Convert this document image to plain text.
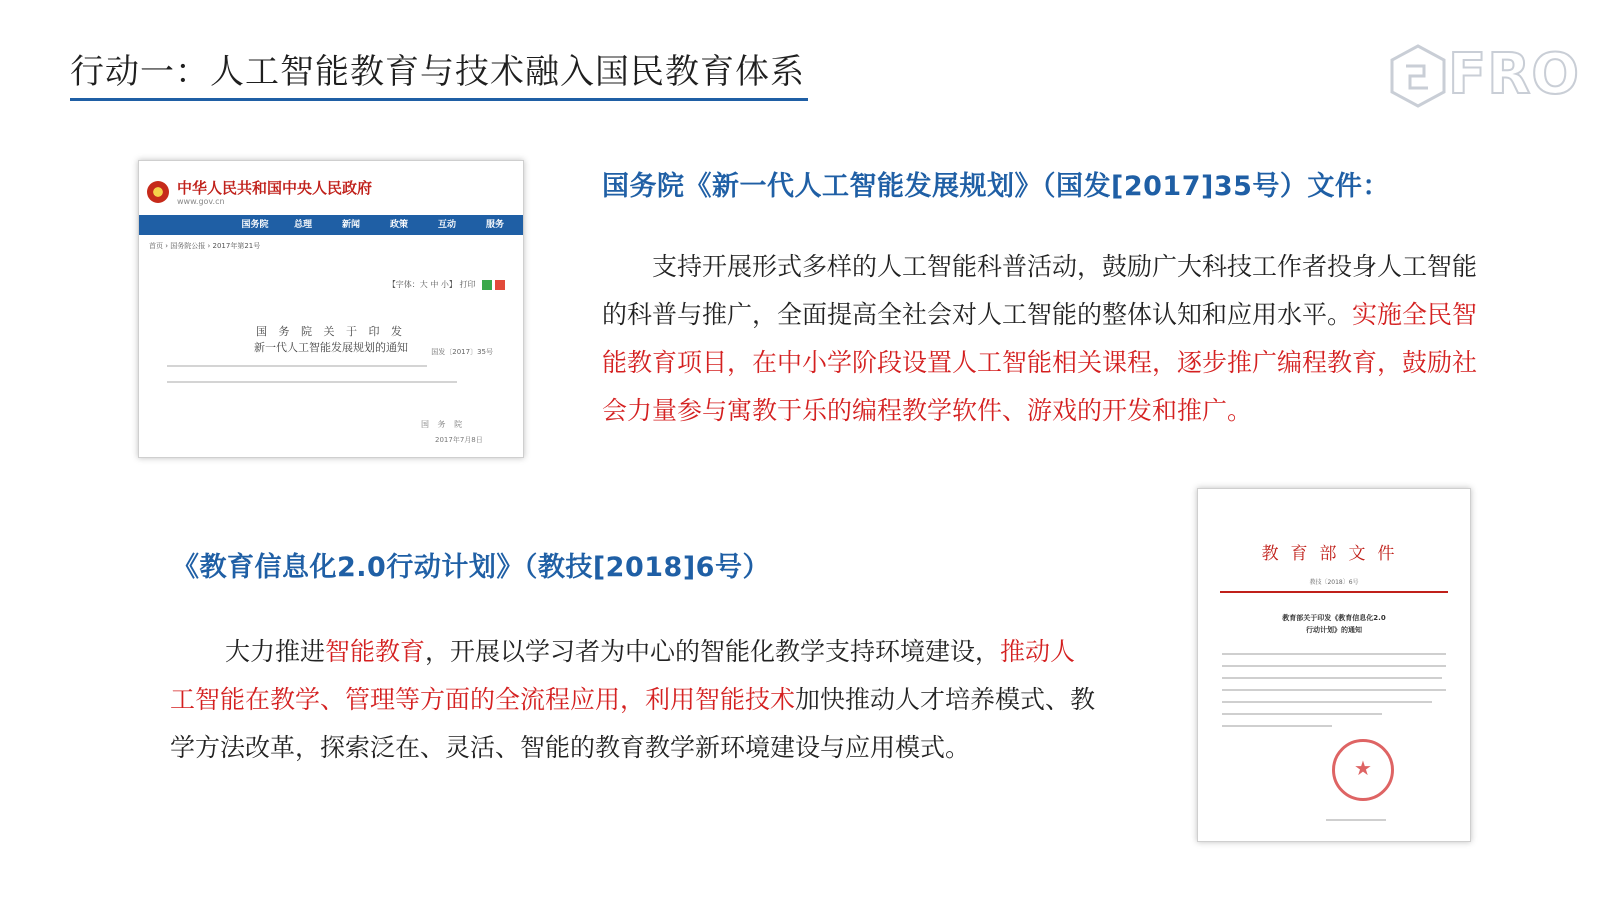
行动一：人工智能教育与技术融入国民教育体系	FRO
中华人民共和国中央人民政府
www.gov.cn
国务院	总理	新闻	政策	互动	服务
首页 › 国务院公报 › 2017年第21号
【字体：大 中 小】 打印
国 务 院 关 于 印 发
新一代人工智能发展规划的通知	国发〔2017〕35号
国 务 院
2017年7月8日
国务院《新一代人工智能发展规划》（国发[2017]35号）文件：
支持开展形式多样的人工智能科普活动，鼓励广大科技工作者投身人工智能的科普与推广，全面提高全社会对人工智能的整体认知和应用水平。实施全民智能教育项目，在中小学阶段设置人工智能相关课程，逐步推广编程教育，鼓励社会力量参与寓教于乐的编程教学软件、游戏的开发和推广。
《教育信息化2.0行动计划》（教技[2018]6号）
大力推进智能教育，开展以学习者为中心的智能化教学支持环境建设，推动人工智能在教学、管理等方面的全流程应用，利用智能技术加快推动人才培养模式、教学方法改革，探索泛在、灵活、智能的教育教学新环境建设与应用模式。
教育部文件
教技〔2018〕6号
教育部关于印发《教育信息化2.0
行动计划》的通知
★
